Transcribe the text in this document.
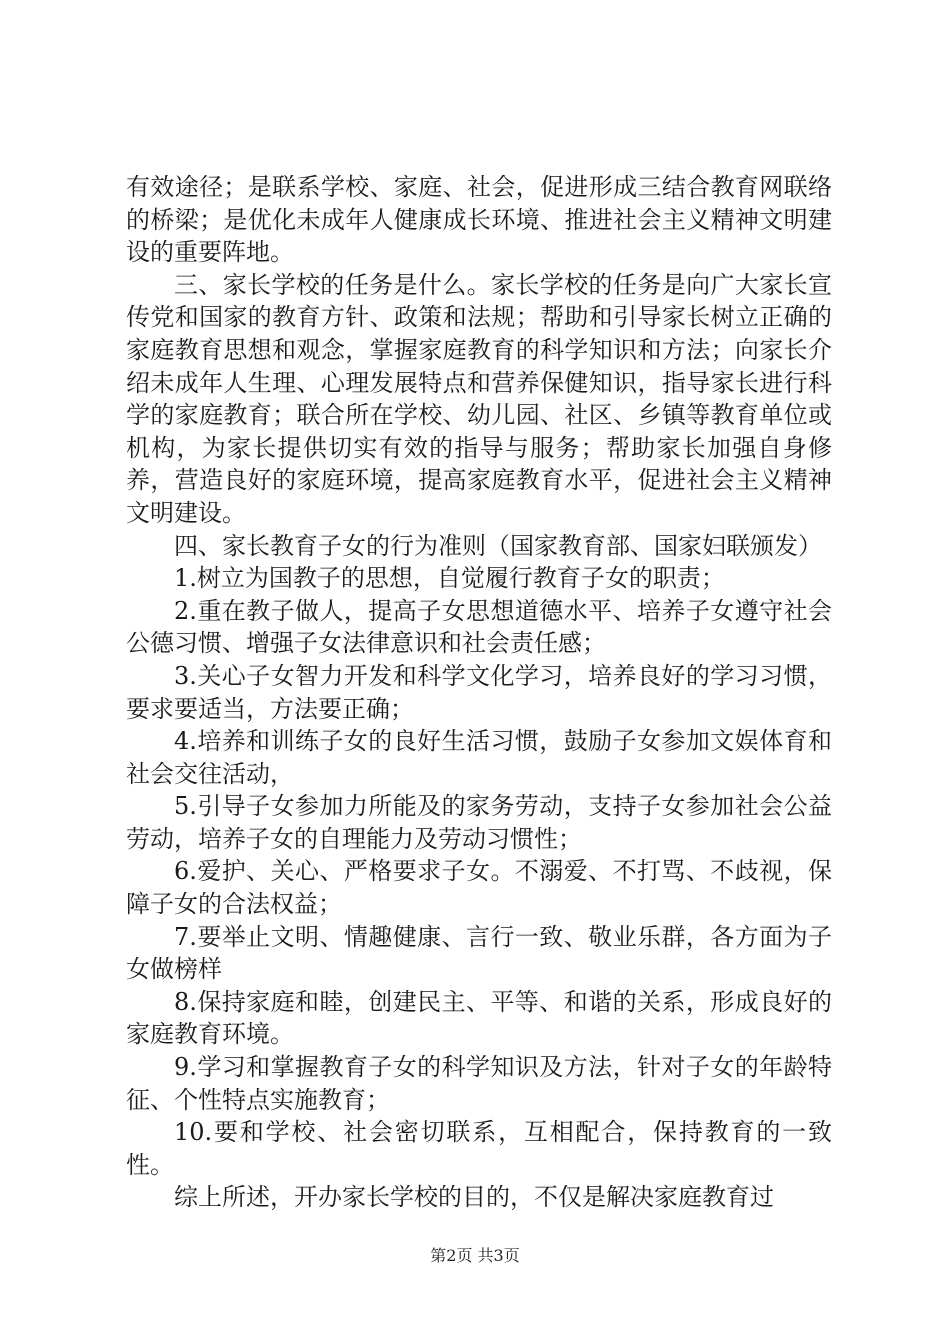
有效途径；是联系学校、家庭、社会，促进形成三结合教育网联络的桥梁；是优化未成年人健康成长环境、推进社会主义精神文明建设的重要阵地。

三、家长学校的任务是什么。家长学校的任务是向广大家长宣传党和国家的教育方针、政策和法规；帮助和引导家长树立正确的家庭教育思想和观念，掌握家庭教育的科学知识和方法；向家长介绍未成年人生理、心理发展特点和营养保健知识，指导家长进行科学的家庭教育；联合所在学校、幼儿园、社区、乡镇等教育单位或机构，为家长提供切实有效的指导与服务；帮助家长加强自身修养，营造良好的家庭环境，提高家庭教育水平，促进社会主义精神文明建设。

四、家长教育子女的行为准则（国家教育部、国家妇联颁发）

1.树立为国教子的思想，自觉履行教育子女的职责；

2.重在教子做人，提高子女思想道德水平、培养子女遵守社会公德习惯、增强子女法律意识和社会责任感；

3.关心子女智力开发和科学文化学习，培养良好的学习习惯，要求要适当，方法要正确；

4.培养和训练子女的良好生活习惯，鼓励子女参加文娱体育和社会交往活动，

5.引导子女参加力所能及的家务劳动，支持子女参加社会公益劳动，培养子女的自理能力及劳动习惯性；

6.爱护、关心、严格要求子女。不溺爱、不打骂、不歧视，保障子女的合法权益；

7.要举止文明、情趣健康、言行一致、敬业乐群，各方面为子女做榜样

8.保持家庭和睦，创建民主、平等、和谐的关系，形成良好的家庭教育环境。

9.学习和掌握教育子女的科学知识及方法，针对子女的年龄特征、个性特点实施教育；

10.要和学校、社会密切联系，互相配合，保持教育的一致性。

综上所述，开办家长学校的目的，不仅是解决家庭教育过

第2页 共3页
